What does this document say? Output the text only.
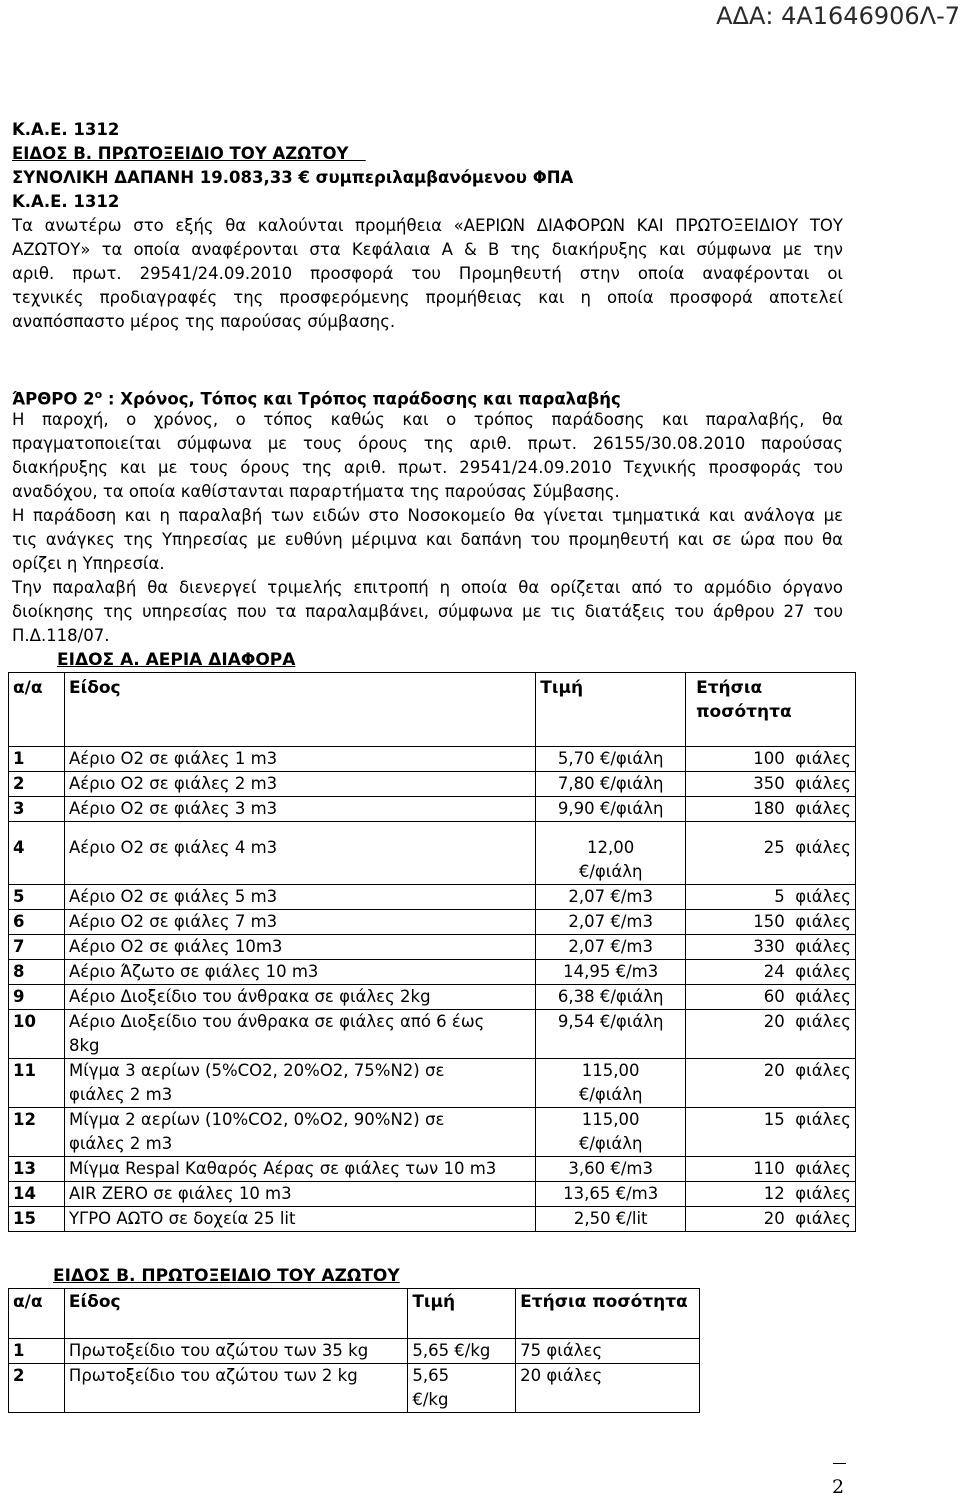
ΑΔΑ: 4Α1646906Λ-7
Κ.Α.Ε. 1312
ΕΙΔΟΣ Β. ΠΡΩΤΟΞΕΙΔΙΟ ΤΟΥ ΑΖΩΤΟΥ
ΣΥΝΟΛΙΚΗ ΔΑΠΑΝΗ 19.083,33 € συμπεριλαμβανόμενου ΦΠΑ
Κ.Α.Ε. 1312
Τα ανωτέρω στο εξής θα καλούνται προμήθεια «ΑΕΡΙΩΝ ΔΙΑΦΟΡΩΝ ΚΑΙ ΠΡΩΤΟΞΕΙΔΙΟΥ ΤΟΥ
ΑΖΩΤΟΥ» τα οποία αναφέρονται στα Κεφάλαια Α & Β της διακήρυξης και σύμφωνα με την
αριθ. πρωτ. 29541/24.09.2010 προσφορά του Προμηθευτή στην οποία αναφέρονται οι
τεχνικές προδιαγραφές της προσφερόμενης προμήθειας και η οποία προσφορά αποτελεί
αναπόσπαστο μέρος της παρούσας σύμβασης.
ΆΡΘΡΟ $2^o$ : Χρόνος, Τόπος και Τρόπος παράδοσης και παραλαβής
Η παροχή, ο χρόνος, ο τόπος καθώς και ο τρόπος παράδοσης και παραλαβής, θα
πραγματοποιείται σύμφωνα με τους όρους της αριθ. πρωτ. 26155/30.08.2010 παρούσας
διακήρυξης και με τους όρους της αριθ. πρωτ. 29541/24.09.2010 Τεχνικής προσφοράς του
αναδόχου, τα οποία καθίστανται παραρτήματα της παρούσας Σύμβασης.
Η παράδοση και η παραλαβή των ειδών στο Νοσοκομείο θα γίνεται τμηματικά και ανάλογα με
τις ανάγκες της Υπηρεσίας με ευθύνη μέριμνα και δαπάνη του προμηθευτή και σε ώρα που θα
ορίζει η Υπηρεσία.
Την παραλαβή θα διενεργεί τριμελής επιτροπή η οποία θα ορίζεται από το αρμόδιο όργανο
διοίκησης της υπηρεσίας που τα παραλαμβάνει, σύμφωνα με τις διατάξεις του άρθρου 27 του
Π.Δ.118/07.
ΕΙΔΟΣ Α. ΑΕΡΙΑ ΔΙΑΦΟΡΑ
α/α	Είδος	Τιμή	Ετήσια
ποσότητα
1	Αέριο Ο2 σε φιάλες 1 m3	5,70 €/φιάλη	100 φιάλες
2	Αέριο Ο2 σε φιάλες 2 m3	7,80 €/φιάλη	350 φιάλες
3	Αέριο Ο2 σε φιάλες 3 m3	9,90 €/φιάλη	180 φιάλες
4	Αέριο Ο2 σε φιάλες 4 m3	12,00
€/φιάλη	25 φιάλες
5	Αέριο Ο2 σε φιάλες 5 m3	2,07 €/m3	5 φιάλες
6	Αέριο Ο2 σε φιάλες 7 m3	2,07 €/m3	150 φιάλες
7	Αέριο Ο2 σε φιάλες 10m3	2,07 €/m3	330 φιάλες
8	Αέριο Άζωτο σε φιάλες 10 m3	14,95 €/m3	24 φιάλες
9	Αέριο Διοξείδιο του άνθρακα σε φιάλες 2kg	6,38 €/φιάλη	60 φιάλες
10	Αέριο Διοξείδιο του άνθρακα σε φιάλες από 6 έως
8kg	9,54 €/φιάλη	20 φιάλες
11	Μίγμα 3 αερίων (5%CO2, 20%O2, 75%N2) σε
φιάλες 2 m3	115,00
€/φιάλη	20 φιάλες
12	Μίγμα 2 αερίων (10%CO2, 0%O2, 90%N2) σε
φιάλες 2 m3	115,00
€/φιάλη	15 φιάλες
13	Μίγμα Respal Καθαρός Αέρας σε φιάλες των 10 m3	3,60 €/m3	110 φιάλες
14	AIR ZERO σε φιάλες 10 m3	13,65 €/m3	12 φιάλες
15	ΥΓΡΟ ΑΩΤΟ σε δοχεία 25 lit	2,50 €/lit	20 φιάλες
ΕΙΔΟΣ Β. ΠΡΩΤΟΞΕΙΔΙΟ ΤΟΥ ΑΖΩΤΟΥ
α/α	Είδος	Τιμή	Ετήσια ποσότητα
1	Πρωτοξείδιο του αζώτου των 35 kg	5,65 €/kg	75 φιάλες
2	Πρωτοξείδιο του αζώτου των 2 kg	5,65
€/kg	20 φιάλες
2
